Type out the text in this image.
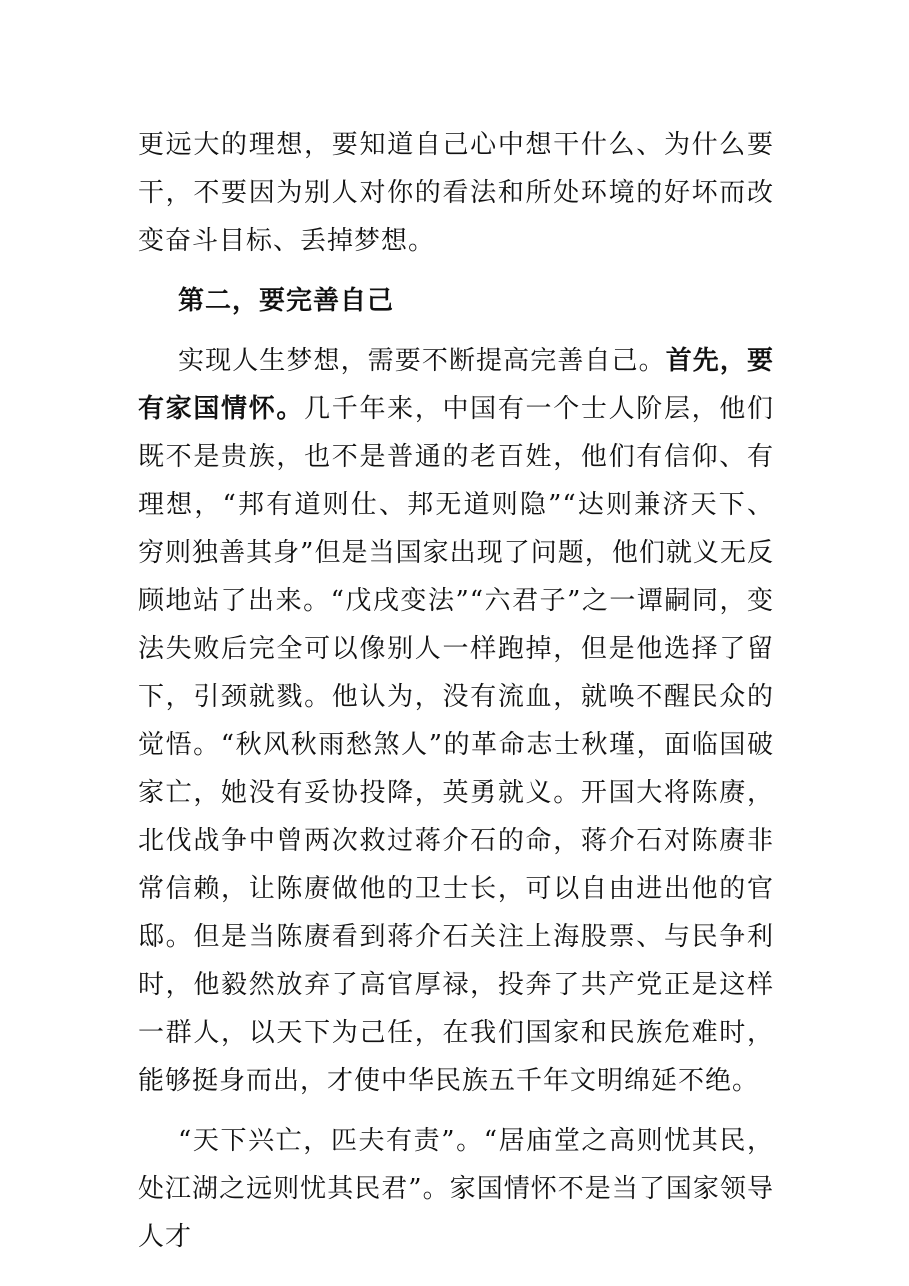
更远大的理想，要知道自己心中想干什么、为什么要干，不要因为别人对你的看法和所处环境的好坏而改变奋斗目标、丢掉梦想。

第二，要完善自己

实现人生梦想，需要不断提高完善自己。首先，要有家国情怀。几千年来，中国有一个士人阶层，他们既不是贵族，也不是普通的老百姓，他们有信仰、有理想，“邦有道则仕、邦无道则隐”“达则兼济天下、穷则独善其身”但是当国家出现了问题，他们就义无反顾地站了出来。“戊戌变法”“六君子”之一谭嗣同，变法失败后完全可以像别人一样跑掉，但是他选择了留下，引颈就戮。他认为，没有流血，就唤不醒民众的觉悟。“秋风秋雨愁煞人”的革命志士秋瑾，面临国破家亡，她没有妥协投降，英勇就义。开国大将陈赓，北伐战争中曾两次救过蒋介石的命，蒋介石对陈赓非常信赖，让陈赓做他的卫士长，可以自由进出他的官邸。但是当陈赓看到蒋介石关注上海股票、与民争利时，他毅然放弃了高官厚禄，投奔了共产党正是这样一群人，以天下为己任，在我们国家和民族危难时，能够挺身而出，才使中华民族五千年文明绵延不绝。

“天下兴亡，匹夫有责”。“居庙堂之高则忧其民，处江湖之远则忧其民君”。家国情怀不是当了国家领导人才
